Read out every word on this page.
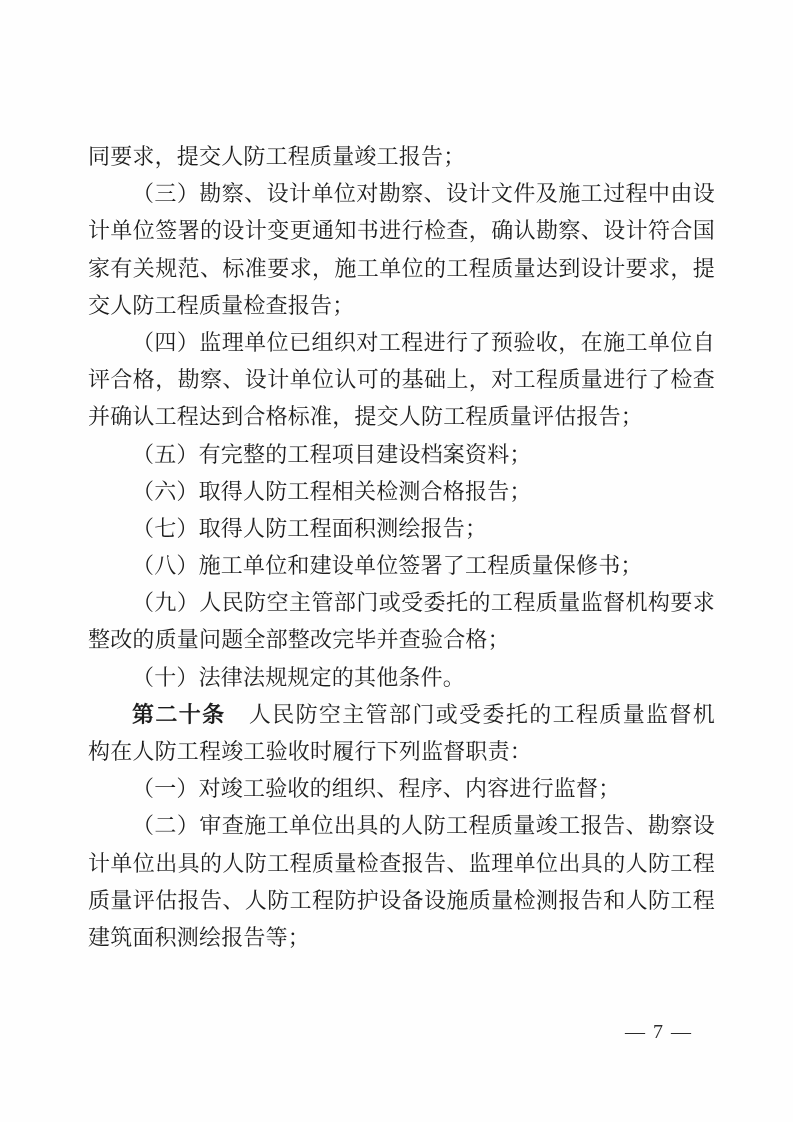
同要求，提交人防工程质量竣工报告；
（三）勘察、设计单位对勘察、设计文件及施工过程中由设
计单位签署的设计变更通知书进行检查，确认勘察、设计符合国
家有关规范、标准要求，施工单位的工程质量达到设计要求，提
交人防工程质量检查报告；
（四）监理单位已组织对工程进行了预验收，在施工单位自
评合格，勘察、设计单位认可的基础上，对工程质量进行了检查
并确认工程达到合格标准，提交人防工程质量评估报告；
（五）有完整的工程项目建设档案资料；
（六）取得人防工程相关检测合格报告；
（七）取得人防工程面积测绘报告；
（八）施工单位和建设单位签署了工程质量保修书；
（九）人民防空主管部门或受委托的工程质量监督机构要求
整改的质量问题全部整改完毕并查验合格；
（十）法律法规规定的其他条件。
第二十条　人民防空主管部门或受委托的工程质量监督机
构在人防工程竣工验收时履行下列监督职责：
（一）对竣工验收的组织、程序、内容进行监督；
（二）审查施工单位出具的人防工程质量竣工报告、勘察设
计单位出具的人防工程质量检查报告、监理单位出具的人防工程
质量评估报告、人防工程防护设备设施质量检测报告和人防工程
建筑面积测绘报告等；
— 7 —
